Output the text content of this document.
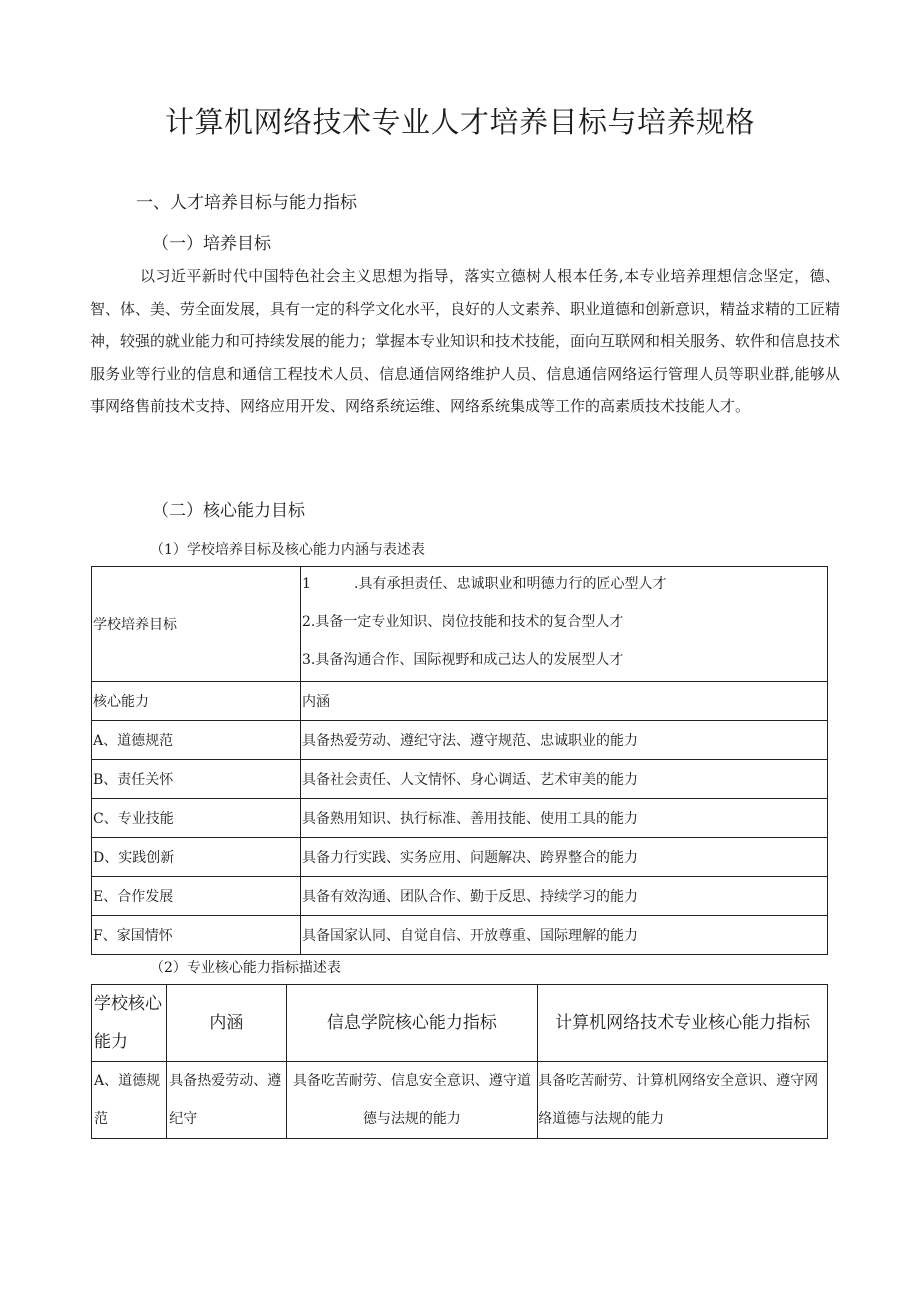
计算机网络技术专业人才培养目标与培养规格
一、人才培养目标与能力指标
（一）培养目标

以习近平新时代中国特色社会主义思想为指导，落实立德树人根本任务,本专业培养理想信念坚定，德、智、体、美、劳全面发展，具有一定的科学文化水平，良好的人文素养、职业道德和创新意识，精益求精的工匠精神，较强的就业能力和可持续发展的能力；掌握本专业知识和技术技能，面向互联网和相关服务、软件和信息技术服务业等行业的信息和通信工程技术人员、信息通信网络维护人员、信息通信网络运行管理人员等职业群,能够从事网络售前技术支持、网络应用开发、网络系统运维、网络系统集成等工作的高素质技术技能人才。

（二）核心能力目标
（1）学校培养目标及核心能力内涵与表述表
学校培养目标	1 .具有承担责任、忠诚职业和明德力行的匠心型人才
2.具备一定专业知识、岗位技能和技术的复合型人才
3.具备沟通合作、国际视野和成己达人的发展型人才

核心能力	内涵
A、道德规范	具备热爱劳动、遵纪守法、遵守规范、忠诚职业的能力
B、责任关怀	具备社会责任、人文情怀、身心调适、艺术审美的能力
C、专业技能	具备熟用知识、执行标准、善用技能、使用工具的能力
D、实践创新	具备力行实践、实务应用、问题解决、跨界整合的能力
E、合作发展	具备有效沟通、团队合作、勤于反思、持续学习的能力
F、家国情怀	具备国家认同、自觉自信、开放尊重、国际理解的能力
（2）专业核心能力指标描述表
学校核心能力	内涵	信息学院核心能力指标	计算机网络技术专业核心能力指标
A、道德规范	具备热爱劳动、遵纪守	具备吃苦耐劳、信息安全意识、遵守道德与法规的能力	具备吃苦耐劳、计算机网络安全意识、遵守网络道德与法规的能力
